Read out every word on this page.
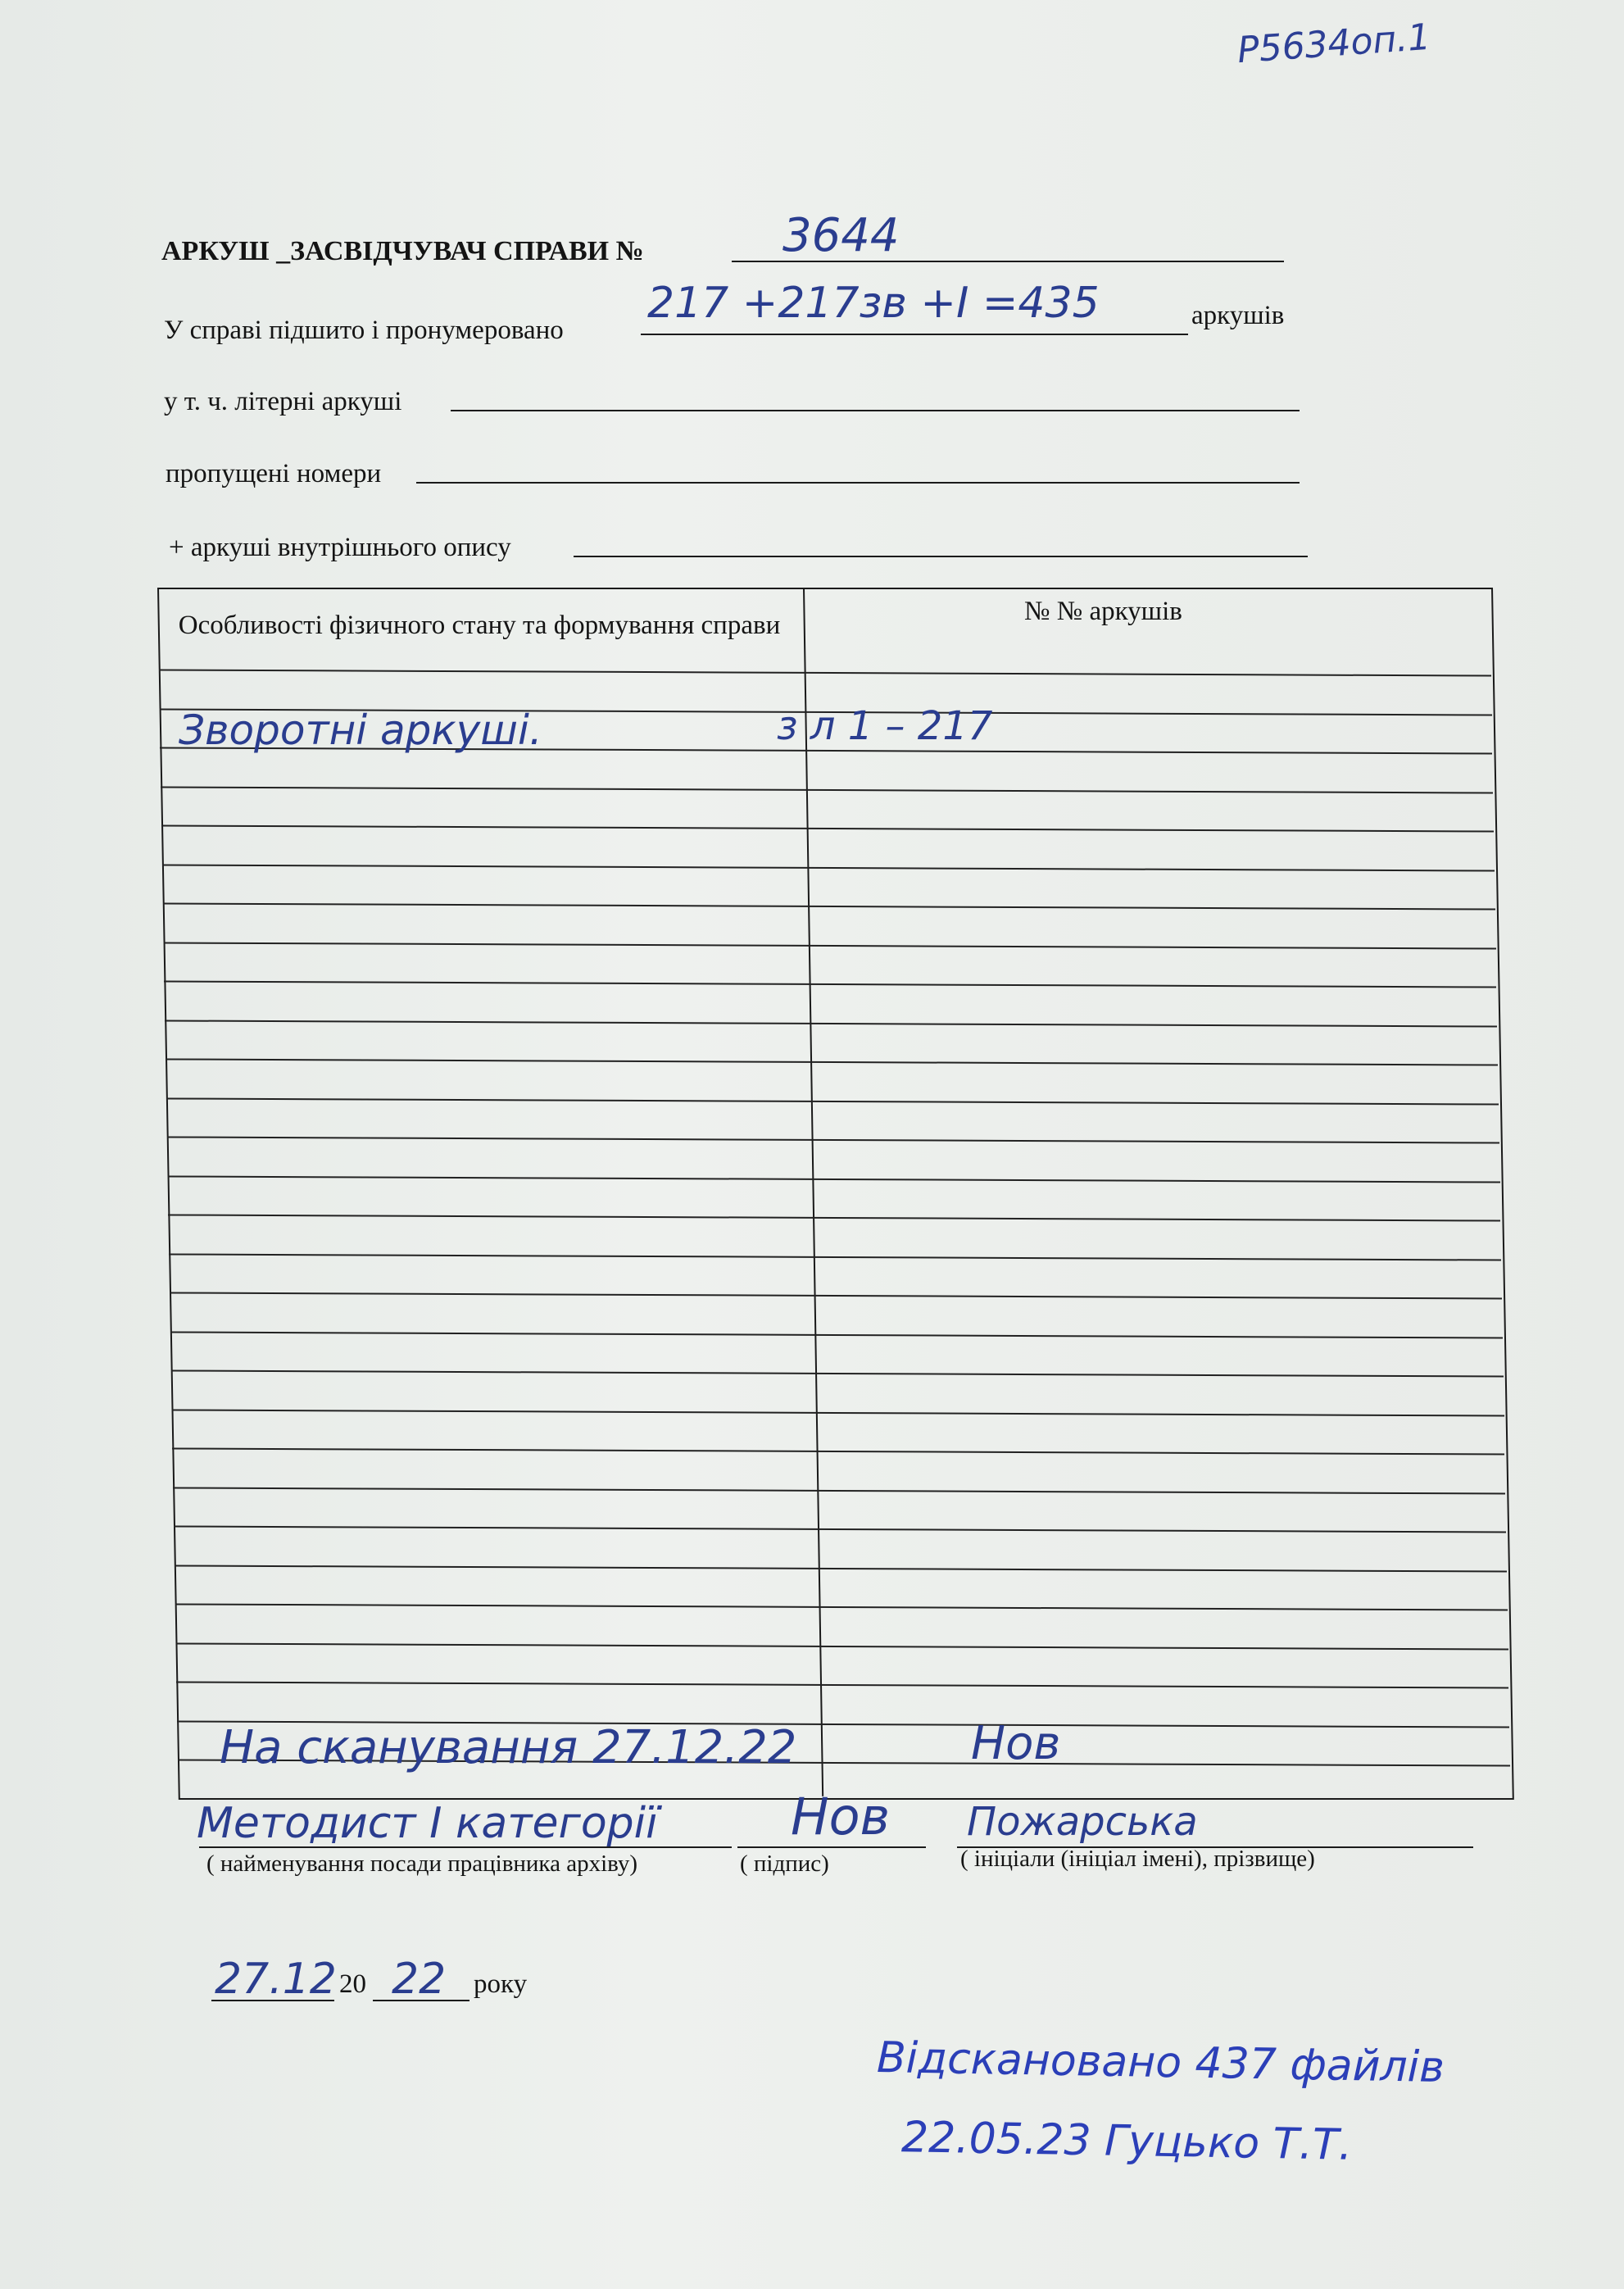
Р5634оп.1
АРКУШ _ЗАСВІДЧУВАЧ СПРАВИ №	3644
У справі підшито і пронумеровано
217 +217зв +І =435	аркушів
у т. ч. літерні аркуші
пропущені номери
+ аркуші внутрішнього опису
Особливості фізичного стану та формування справи	№ № аркушів
Зворотні аркуші.	з л 1 – 217
На сканування 27.12.22	Нов
Методист І категорії	Нов Пожарська
( найменування посади працівника архіву)	( підпис)	( ініціали (ініціал імені), прізвище)
27.12 20 22 року
Відскановано 437 файлів
22.05.23 Гуцько Т.Т.
